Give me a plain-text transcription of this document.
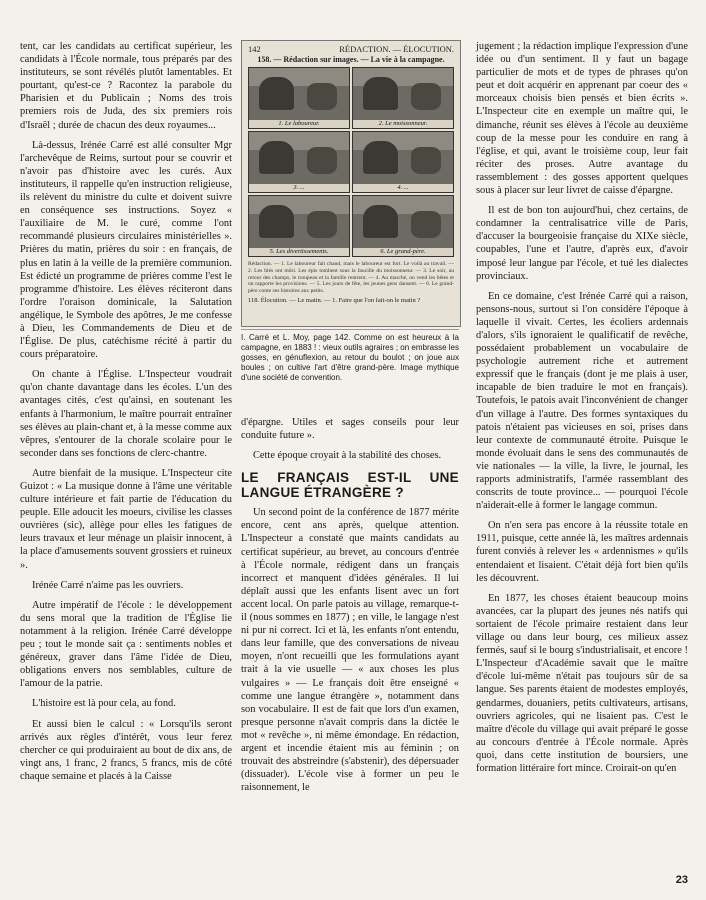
tent, car les candidats au certificat supérieur, les candidats à l'École normale, tous préparés par des instituteurs, se sont révélés plutôt lamentables. Et pourtant, qu'est-ce ? Racontez la parabole du Pharisien et du Publicain ; Noms des trois premiers rois de Juda, des six premiers rois d'Israël ; durée de chacun des deux royaumes...

Là-dessus, Irénée Carré est allé consulter Mgr l'archevêque de Reims, surtout pour se couvrir et n'avoir pas d'histoire avec les curés. Aux instituteurs, il rappelle qu'en instruction religieuse, ils relèvent du ministre du culte et doivent suivre en conséquence ses instructions. Soyez « l'auxiliaire de M. le curé, comme l'ont recommandé plusieurs circulaires ministérielles ». Prières du matin, prières du soir : en français, de plus en latin à la veille de la première communion. Est édicté un programme de prières comme l'est le programme d'histoire. Les élèves réciteront dans l'ordre l'oraison dominicale, la Salutation angélique, le Symbole des apôtres, Je me confesse à Dieu, les Commandements de Dieu et de l'Église. De plus, catéchisme récité à partir du cours préparatoire.

On chante à l'Église. L'Inspecteur voudrait qu'on chante davantage dans les écoles. L'un des avantages cités, c'est qu'ainsi, en soutenant les enfants à l'harmonium, le maître pourrait entraîner ses élèves au plain-chant et, à la messe comme aux vêpres, s'entourer de la chorale scolaire pour le seconder dans ses fonctions de clerc-chantre.

Autre bienfait de la musique. L'Inspecteur cite Guizot : « La musique donne à l'âme une véritable culture intérieure et fait partie de l'éducation du peuple. Elle adoucit les moeurs, civilise les classes ouvrières (sic), allège pour elles les fatigues de leurs travaux et leur ménage un plaisir innocent, à la place d'amusements souvent grossiers et ruineux ».

Irénée Carré n'aime pas les ouvriers.

Autre impératif de l'école : le développement du sens moral que la tradition de l'Église lie notamment à la religion. Irénée Carré développe peu ; tout le monde sait ça : sentiments nobles et généreux, graver dans l'âme l'idée de Dieu, obligations envers nos semblables, culture de l'amour de la patrie.

L'histoire est là pour cela, au fond.

Et aussi bien le calcul : « Lorsqu'ils seront arrivés aux règles d'intérêt, vous leur ferez chercher ce qui produiraient au bout de dix ans, de vingt ans, 1 franc, 2 francs, 5 francs, mis de côté chaque semaine et placés à la Caisse

142	RÉDACTION. — ÉLOCUTION.
158. — Rédaction sur images. — La vie à la campagne.
1. Le laboureur.	2. Le moissonneur.
3. ...	4. ...
5. Les divertissements.	6. Le grand-père.
Rédaction. — 1. Le laboureur fait chaud, mais le laboureur est fort. Le voilà au travail. — 2. Les blés ont mûri. Les épis tombent sous la faucille du moissonneur. — 3. Le soir, au retour des champs, le troupeau et la famille rentrent. — 4. Au marché, on vend les bêtes et on rapporte les provisions. — 5. Les jours de fête, les jeunes gens dansent. — 6. Le grand-père conte ses histoires aux petits.
118. Élocution. — Le matin. — 1. Faire que l'on fait-on le matin ?
I. Carré et L. Moy, page 142. Comme on est heureux à la campagne, en 1883 ! : vieux outils agraires ; on embrasse les gosses, en génuflexion, au retour du boulot ; on joue aux boules ; on cultive l'art d'être grand-père. Image mythique d'une société de convention.

d'épargne. Utiles et sages conseils pour leur conduite future ».

Cette époque croyait à la stabilité des choses.

LE FRANÇAIS EST-IL UNE LANGUE ÉTRANGÈRE ?

Un second point de la conférence de 1877 mérite encore, cent ans après, quelque attention. L'Inspecteur a constaté que maints candidats au certificat supérieur, au brevet, au concours d'entrée à l'École normale, rédigent dans un français incorrect et manquent d'idées générales. Il lui déplaît aussi que les enfants lisent avec un fort accent local. On parle patois au village, remarque-t-il (nous sommes en 1877) ; en ville, le langage n'est ni pur ni correct. Ici et là, les enfants n'ont entendu, dans leur famille, que des conversations de niveau moyen, n'ont recueilli que les formulations ayant trait à la vie usuelle — « aux choses les plus vulgaires » — Le français doit être enseigné « comme une langue étrangère », notamment dans son vocabulaire. Il est de fait que lors d'un examen, presque personne n'avait compris dans la dictée le mot « revêche », ni même émondage. En rédaction, argent et incendie étaient mis au féminin ; on trouvait des abstreindre (s'abstenir), des dépersuader (dissuader). L'école vise à former un peu le raisonnement, le

jugement ; la rédaction implique l'expression d'une idée ou d'un sentiment. Il y faut un bagage particulier de mots et de types de phrases qu'on peut et doit acquérir en apprenant par coeur des « morceaux choisis bien pensés et bien écrits ». L'Inspecteur cite en exemple un maître qui, le dimanche, réunit ses élèves à l'école au deuxième coup de la messe pour les conduire en rang à l'église, et qui, avant le troisième coup, leur fait réciter des proses. Autre avantage du rassemblement : des gosses apportent quelques sous à placer sur leur livret de caisse d'épargne.

Il est de bon ton aujourd'hui, chez certains, de condamner la centralisatrice ville de Paris, d'accuser la bourgeoisie française du XIXe siècle, coupables, l'une et l'autre, d'après eux, d'avoir imposé leur langue par l'école, et tué les dialectes provinciaux.

En ce domaine, c'est Irénée Carré qui a raison, pensons-nous, surtout si l'on considère l'époque à laquelle il vivait. Certes, les écoliers ardennais d'alors, s'ils ignoraient le qualificatif de revêche, possédaient probablement un vocabulaire de psychologie autrement riche et autrement expressif que le français (dont je me plais à user, incapable de bien traduire le mot en français). Toutefois, le patois avait l'inconvénient de changer d'un village à l'autre. Des formes syntaxiques du patois n'étaient pas vicieuses en soi, prises dans leur contexte de communauté étroite. Puisque le monde évoluait dans le sens des communautés de vie nationales — la ville, la livre, le journal, les rapports administratifs, l'armée rassemblant des conscrits de toute province... — pourquoi l'école n'aiderait-elle à former le langage commun.

On n'en sera pas encore à la réussite totale en 1911, puisque, cette année là, les maîtres ardennais furent conviés à relever les « ardennismes » qu'ils entendaient et lisaient. C'était déjà fort bien qu'ils les découvrent.

En 1877, les choses étaient beaucoup moins avancées, car la plupart des jeunes nés natifs qui sortaient de l'école primaire restaient dans leur village ou dans leur bourg, ces milieux assez fermés, sauf si le bourg s'industrialisait, et encore ! L'Inspecteur d'Académie savait que le maître d'école lui-même n'était pas toujours sûr de sa langue. Ses parents étaient de modestes employés, gendarmes, douaniers, petits cultivateurs, artisans, ouvriers agricoles, qui ne lisaient pas. C'est le maître d'école du village qui avait préparé le gosse au concours d'entrée à l'École normale. Après quoi, dans cette institution de boursiers, une formation littéraire fort mince. Croirait-on qu'en

23
